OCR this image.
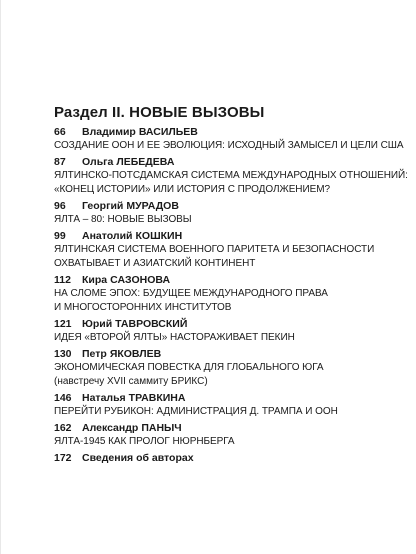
Раздел II. НОВЫЕ ВЫЗОВЫ
66	Владимир ВАСИЛЬЕВ
СОЗДАНИЕ ООН И ЕЕ ЭВОЛЮЦИЯ: ИСХОДНЫЙ ЗАМЫСЕЛ И ЦЕЛИ США
87	Ольга ЛЕБЕДЕВА
ЯЛТИНСКО-ПОТСДАМСКАЯ СИСТЕМА МЕЖДУНАРОДНЫХ ОТНОШЕНИЙ:
«КОНЕЦ ИСТОРИИ» ИЛИ ИСТОРИЯ С ПРОДОЛЖЕНИЕМ?
96	Георгий МУРАДОВ
ЯЛТА – 80: НОВЫЕ ВЫЗОВЫ
99	Анатолий КОШКИН
ЯЛТИНСКАЯ СИСТЕМА ВОЕННОГО ПАРИТЕТА И БЕЗОПАСНОСТИ
ОХВАТЫВАЕТ И АЗИАТСКИЙ КОНТИНЕНТ
112	Кира САЗОНОВА
НА СЛОМЕ ЭПОХ: БУДУЩЕЕ МЕЖДУНАРОДНОГО ПРАВА
И МНОГОСТОРОННИХ ИНСТИТУТОВ
121 Юрий ТАВРОВСКИЙ
ИДЕЯ «ВТОРОЙ ЯЛТЫ» НАСТОРАЖИВАЕТ ПЕКИН
130 Петр ЯКОВЛЕВ
ЭКОНОМИЧЕСКАЯ ПОВЕСТКА ДЛЯ ГЛОБАЛЬНОГО ЮГА
(навстречу XVII саммиту БРИКС)
146 Наталья ТРАВКИНА
ПЕРЕЙТИ РУБИКОН: АДМИНИСТРАЦИЯ Д. ТРАМПА И ООН
162 Александр ПАНЫЧ
ЯЛТА-1945 КАК ПРОЛОГ НЮРНБЕРГА
172 Сведения об авторах
